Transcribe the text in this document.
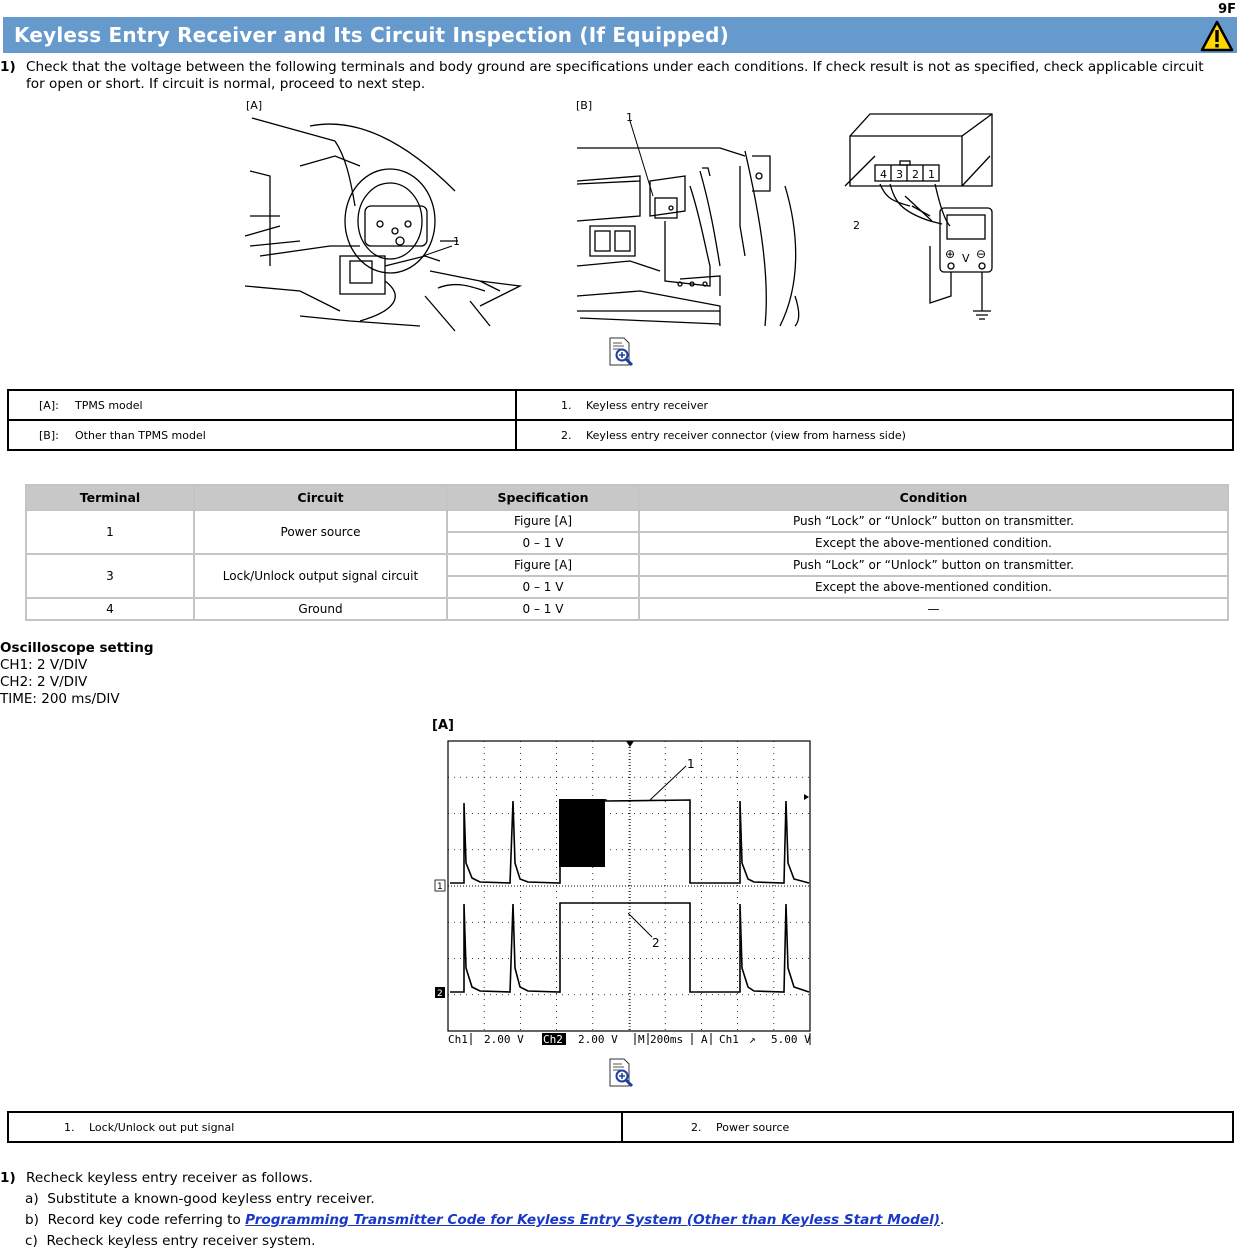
9F
Keyless Entry Receiver and Its Circuit Inspection (If Equipped)
1) Check that the voltage between the following terminals and body ground are specifications under each conditions. If check result is not as specified, check applicable circuit for open or short. If circuit is normal, proceed to next step.
[A]	[B]
1
1
2
4 3 2 1
⊕ V ⊖
[A]: TPMS model	1. Keyless entry receiver
[B]: Other than TPMS model	2. Keyless entry receiver connector (view from harness side)
Terminal	Circuit	Specification	Condition
1	Power source	Figure [A]	Push “Lock” or “Unlock” button on transmitter.
		0 – 1 V	Except the above-mentioned condition.
3	Lock/Unlock output signal circuit	Figure [A]	Push “Lock” or “Unlock” button on transmitter.
		0 – 1 V	Except the above-mentioned condition.
4	Ground	0 – 1 V	—
Oscilloscope setting
CH1: 2 V/DIV
CH2: 2 V/DIV
TIME: 200 ms/DIV
[A]
1
2
1
2
Ch1 2.00 V Ch2 2.00 V M 200ms A Ch1 ↗ 5.00 V
1. Lock/Unlock out put signal	2. Power source
1) Recheck keyless entry receiver as follows.
a) Substitute a known-good keyless entry receiver.
b) Record key code referring to Programming Transmitter Code for Keyless Entry System (Other than Keyless Start Model).
c) Recheck keyless entry receiver system.
